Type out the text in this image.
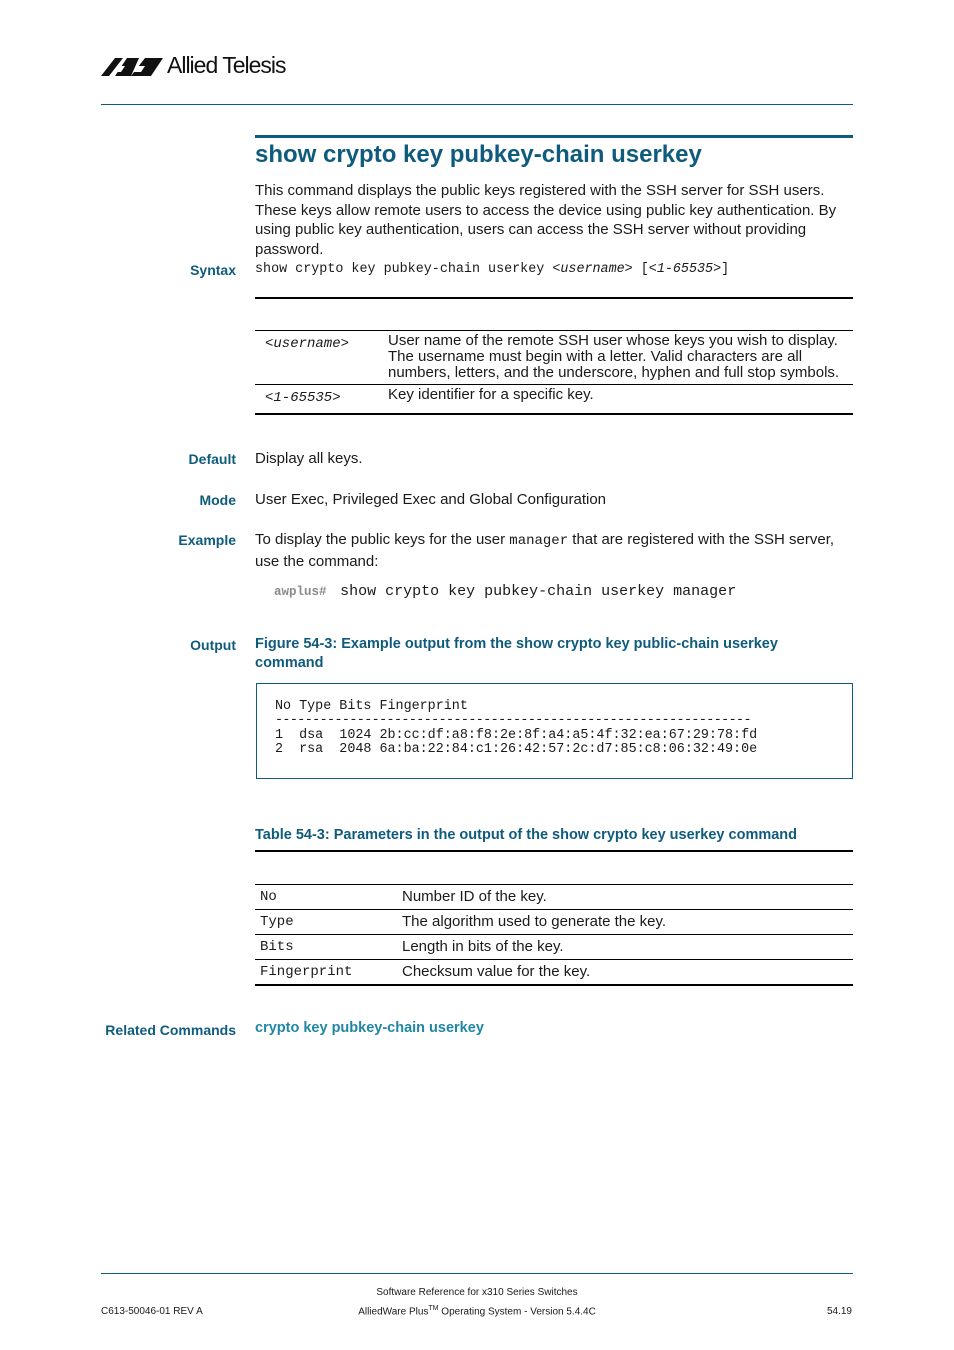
Allied Telesis
show crypto key pubkey-chain userkey
This command displays the public keys registered with the SSH server for SSH users. These keys allow remote users to access the device using public key authentication. By using public key authentication, users can access the SSH server without providing password.
Syntax show crypto key pubkey-chain userkey <username> [<1-65535>]
<username>	User name of the remote SSH user whose keys you wish to display. The username must begin with a letter. Valid characters are all numbers, letters, and the underscore, hyphen and full stop symbols.
<1-65535>	Key identifier for a specific key.
Default Display all keys.
Mode User Exec, Privileged Exec and Global Configuration
Example To display the public keys for the user manager that are registered with the SSH server, use the command:
awplus# show crypto key pubkey-chain userkey manager
Output Figure 54-3: Example output from the show crypto key public-chain userkey command
No Type Bits Fingerprint
----------------------------------------------------------------
1  dsa  1024 2b:cc:df:a8:f8:2e:8f:a4:a5:4f:32:ea:67:29:78:fd
2  rsa  2048 6a:ba:22:84:c1:26:42:57:2c:d7:85:c8:06:32:49:0e
Table 54-3: Parameters in the output of the show crypto key userkey command
No	Number ID of the key.
Type	The algorithm used to generate the key.
Bits	Length in bits of the key.
Fingerprint	Checksum value for the key.
Related Commands crypto key pubkey-chain userkey
C613-50046-01 REV A
Software Reference for x310 Series Switches
AlliedWare Plus™ Operating System - Version 5.4.4C	54.19
